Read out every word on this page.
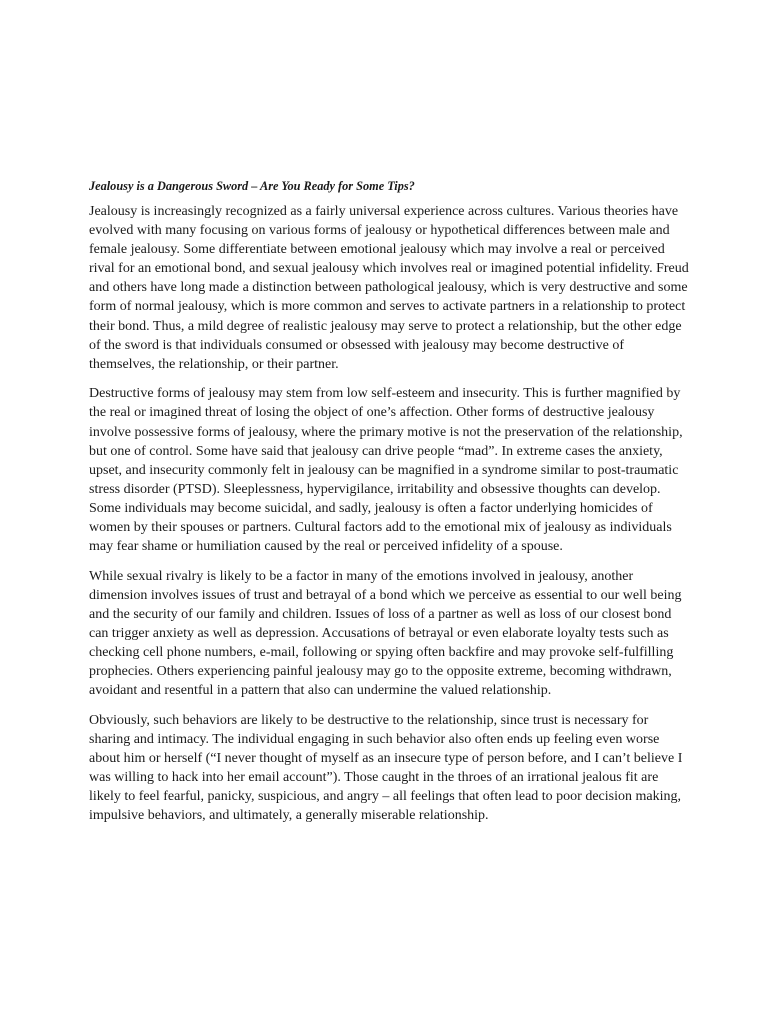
Jealousy is a Dangerous Sword – Are You Ready for Some Tips?

Jealousy is increasingly recognized as a fairly universal experience across cultures. Various theories have evolved with many focusing on various forms of jealousy or hypothetical differences between male and female jealousy. Some differentiate between emotional jealousy which may involve a real or perceived rival for an emotional bond, and sexual jealousy which involves real or imagined potential infidelity. Freud and others have long made a distinction between pathological jealousy, which is very destructive and some form of normal jealousy, which is more common and serves to activate partners in a relationship to protect their bond. Thus, a mild degree of realistic jealousy may serve to protect a relationship, but the other edge of the sword is that individuals consumed or obsessed with jealousy may become destructive of themselves, the relationship, or their partner.

Destructive forms of jealousy may stem from low self-esteem and insecurity. This is further magnified by the real or imagined threat of losing the object of one’s affection. Other forms of destructive jealousy involve possessive forms of jealousy, where the primary motive is not the preservation of the relationship, but one of control. Some have said that jealousy can drive people “mad”. In extreme cases the anxiety, upset, and insecurity commonly felt in jealousy can be magnified in a syndrome similar to post-traumatic stress disorder (PTSD). Sleeplessness, hypervigilance, irritability and obsessive thoughts can develop. Some individuals may become suicidal, and sadly, jealousy is often a factor underlying homicides of women by their spouses or partners. Cultural factors add to the emotional mix of jealousy as individuals may fear shame or humiliation caused by the real or perceived infidelity of a spouse.

While sexual rivalry is likely to be a factor in many of the emotions involved in jealousy, another dimension involves issues of trust and betrayal of a bond which we perceive as essential to our well being and the security of our family and children. Issues of loss of a partner as well as loss of our closest bond can trigger anxiety as well as depression. Accusations of betrayal or even elaborate loyalty tests such as checking cell phone numbers, e-mail, following or spying often backfire and may provoke self-fulfilling prophecies. Others experiencing painful jealousy may go to the opposite extreme, becoming withdrawn, avoidant and resentful in a pattern that also can undermine the valued relationship.

Obviously, such behaviors are likely to be destructive to the relationship, since trust is necessary for sharing and intimacy. The individual engaging in such behavior also often ends up feeling even worse about him or herself (“I never thought of myself as an insecure type of person before, and I can’t believe I was willing to hack into her email account”). Those caught in the throes of an irrational jealous fit are likely to feel fearful, panicky, suspicious, and angry – all feelings that often lead to poor decision making, impulsive behaviors, and ultimately, a generally miserable relationship.
